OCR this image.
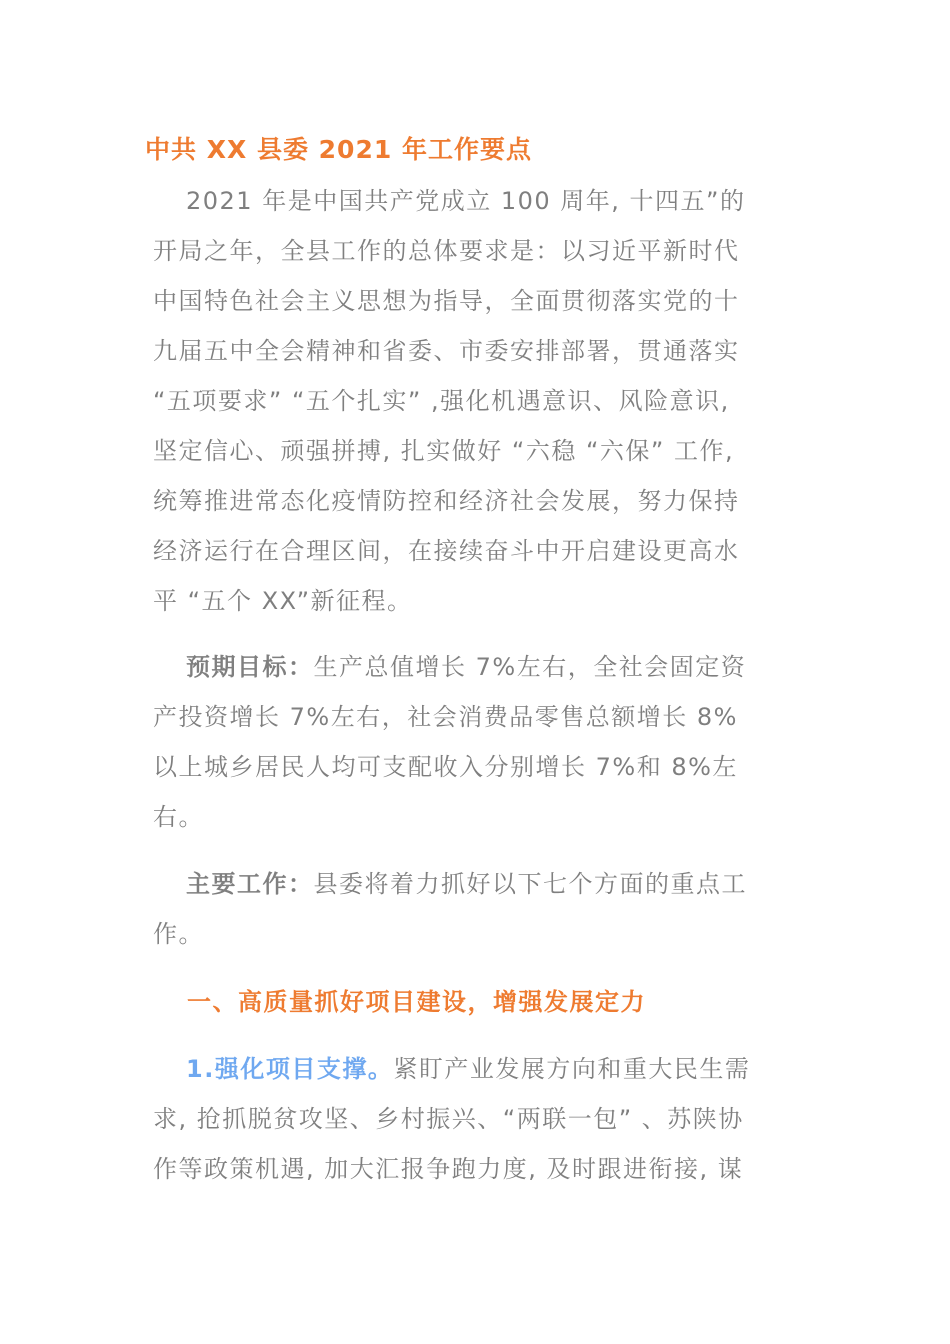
中共 XX 县委 2021 年工作要点
2021 年是中国共产党成立 100 周年, 十四五”的
开局之年，全县工作的总体要求是：以习近平新时代
中国特色社会主义思想为指导，全面贯彻落实党的十
九届五中全会精神和省委、市委安排部署，贯通落实
“五项要求” “五个扎实” ,强化机遇意识、风险意识,
坚定信心、顽强拼搏, 扎实做好 “六稳 “六保” 工作,
统筹推进常态化疫情防控和经济社会发展，努力保持
经济运行在合理区间，在接续奋斗中开启建设更高水
平 “五个 XX”新征程。
预期目标：生产总值增长 7%左右，全社会固定资
产投资增长 7%左右，社会消费品零售总额增长 8%
以上城乡居民人均可支配收入分别增长 7%和 8%左
右。
主要工作：县委将着力抓好以下七个方面的重点工
作。
一、高质量抓好项目建设，增强发展定力
1.强化项目支撑。紧盯产业发展方向和重大民生需
求, 抢抓脱贫攻坚、乡村振兴、“两联一包” 、苏陕协
作等政策机遇, 加大汇报争跑力度, 及时跟进衔接, 谋
